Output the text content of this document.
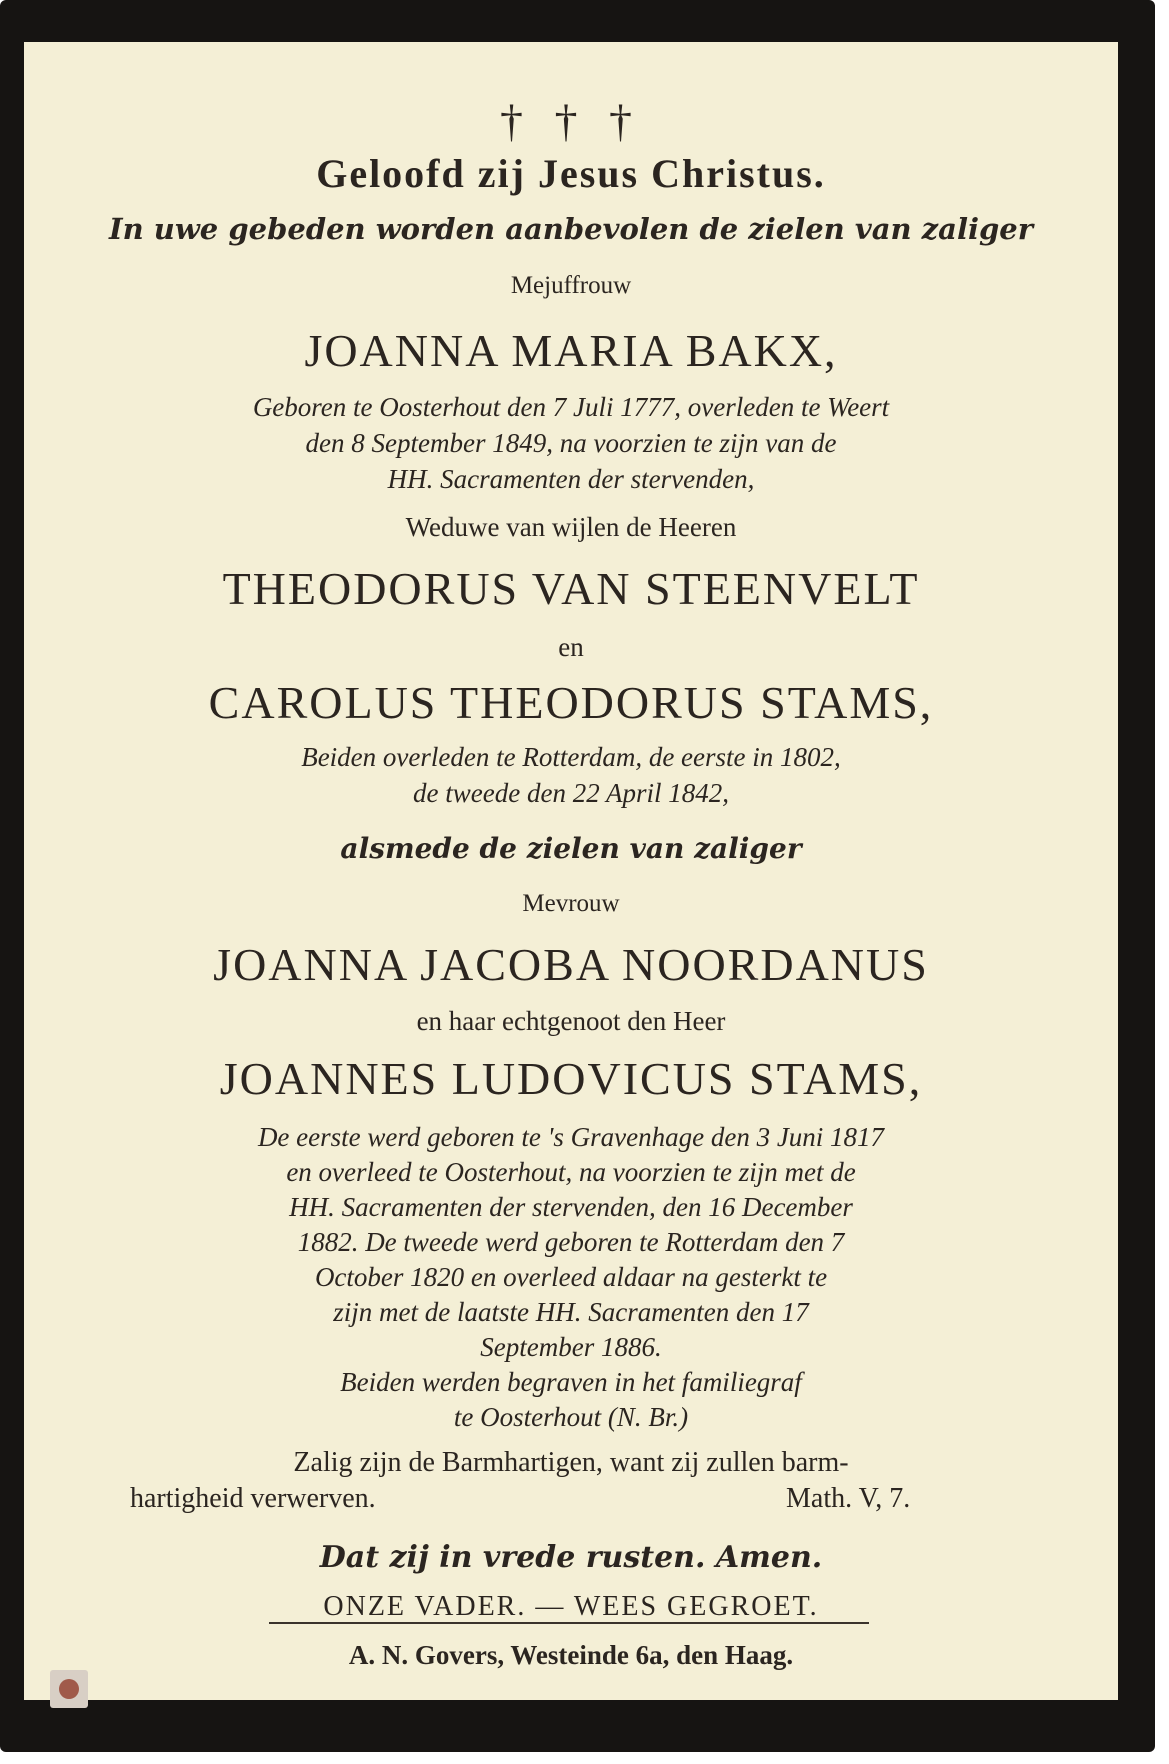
† † †
Geloofd zij Jesus Christus.
In uwe gebeden worden aanbevolen de zielen van zaliger
Mejuffrouw
JOANNA MARIA BAKX,
Geboren te Oosterhout den 7 Juli 1777, overleden te Weert
den 8 September 1849, na voorzien te zijn van de
HH. Sacramenten der stervenden,
Weduwe van wijlen de Heeren
THEODORUS VAN STEENVELT
en
CAROLUS THEODORUS STAMS,
Beiden overleden te Rotterdam, de eerste in 1802,
de tweede den 22 April 1842,
alsmede de zielen van zaliger
Mevrouw
JOANNA JACOBA NOORDANUS
en haar echtgenoot den Heer
JOANNES LUDOVICUS STAMS,
De eerste werd geboren te 's Gravenhage den 3 Juni 1817
en overleed te Oosterhout, na voorzien te zijn met de
HH. Sacramenten der stervenden, den 16 December
1882. De tweede werd geboren te Rotterdam den 7
October 1820 en overleed aldaar na gesterkt te
zijn met de laatste HH. Sacramenten den 17
September 1886.
Beiden werden begraven in het familiegraf
te Oosterhout (N. Br.)
Zalig zijn de Barmhartigen, want zij zullen barm-
hartigheid verwerven.	Math. V, 7.
Dat zij in vrede rusten. Amen.
ONZE VADER. — WEES GEGROET.
A. N. Govers, Westeinde 6a, den Haag.
